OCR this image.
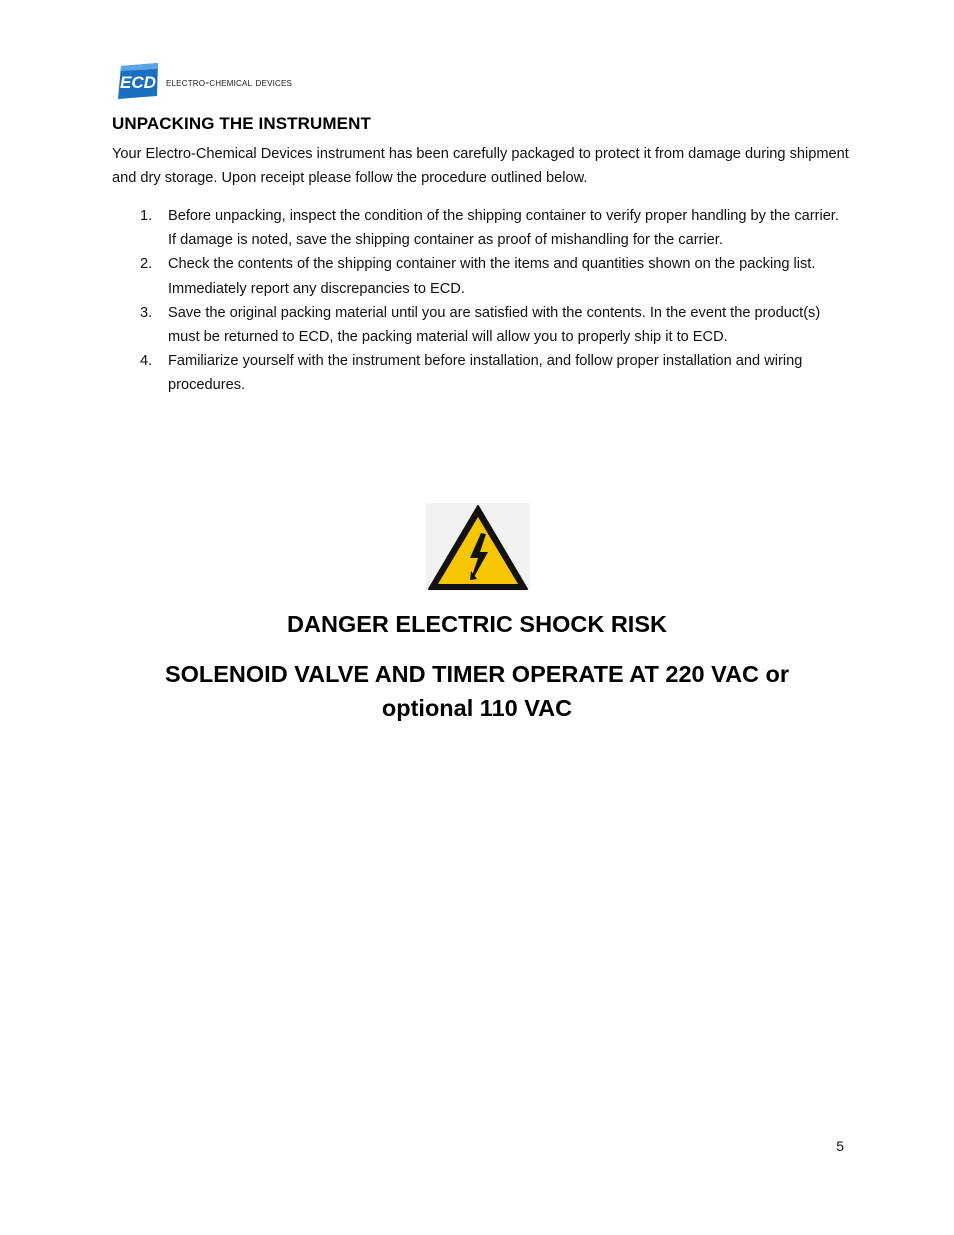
ECD electro-chemical devices
UNPACKING THE INSTRUMENT

Your Electro-Chemical Devices instrument has been carefully packaged to protect it from damage during shipment and dry storage. Upon receipt please follow the procedure outlined below.

1. Before unpacking, inspect the condition of the shipping container to verify proper handling by the carrier. If damage is noted, save the shipping container as proof of mishandling for the carrier.
2. Check the contents of the shipping container with the items and quantities shown on the packing list. Immediately report any discrepancies to ECD.
3. Save the original packing material until you are satisfied with the contents. In the event the product(s) must be returned to ECD, the packing material will allow you to properly ship it to ECD.
4. Familiarize yourself with the instrument before installation, and follow proper installation and wiring procedures.
DANGER ELECTRIC SHOCK RISK
SOLENOID VALVE AND TIMER OPERATE AT 220 VAC or optional 110 VAC
5
